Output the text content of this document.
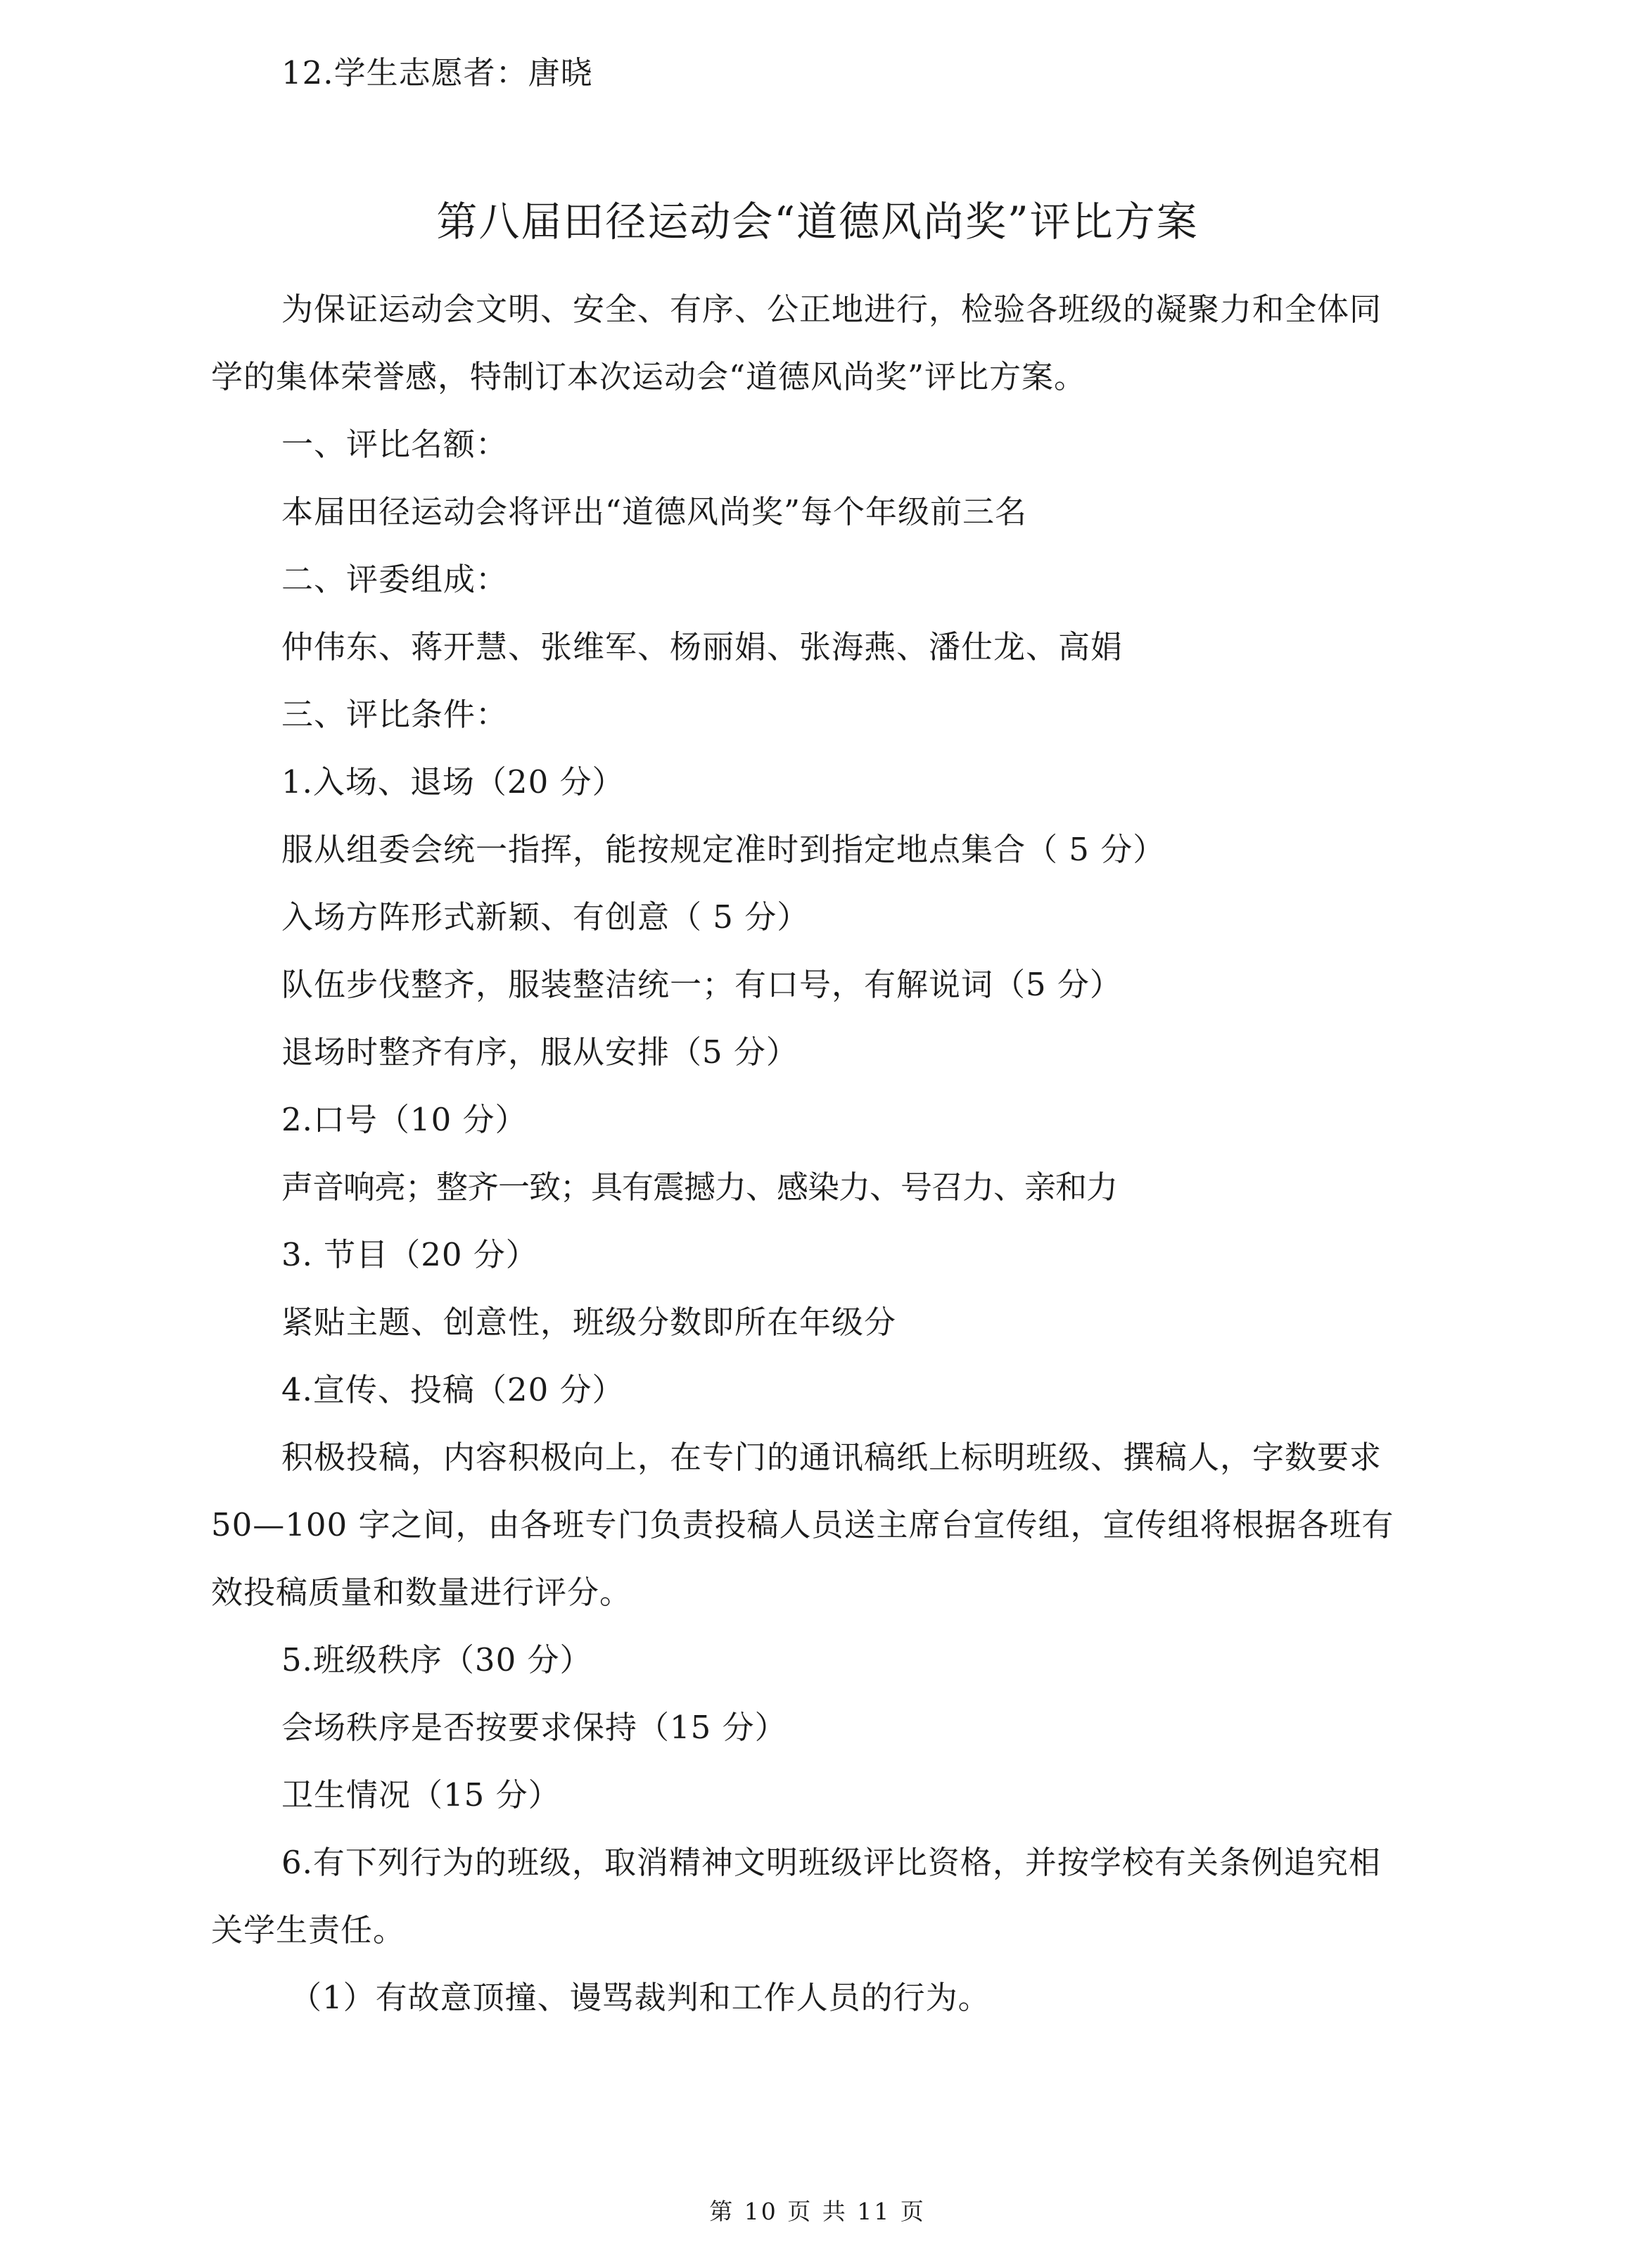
12.学生志愿者：唐晓
第八届田径运动会“道德风尚奖”评比方案
为保证运动会文明、安全、有序、公正地进行，检验各班级的凝聚力和全体同
学的集体荣誉感，特制订本次运动会“道德风尚奖”评比方案。
一、评比名额：
本届田径运动会将评出“道德风尚奖”每个年级前三名
二、评委组成：
仲伟东、蒋开慧、张维军、杨丽娟、张海燕、潘仕龙、高娟
三、评比条件：
1.入场、退场（20 分）
服从组委会统一指挥，能按规定准时到指定地点集合（ 5 分）
入场方阵形式新颖、有创意（ 5 分）
队伍步伐整齐，服装整洁统一；有口号，有解说词（5 分）
退场时整齐有序，服从安排（5 分）
2.口号（10 分）
声音响亮；整齐一致；具有震撼力、感染力、号召力、亲和力
3. 节目（20 分）
紧贴主题、创意性，班级分数即所在年级分
4.宣传、投稿（20 分）
积极投稿，内容积极向上，在专门的通讯稿纸上标明班级、撰稿人，字数要求
50—100 字之间，由各班专门负责投稿人员送主席台宣传组，宣传组将根据各班有
效投稿质量和数量进行评分。
5.班级秩序（30 分）
会场秩序是否按要求保持（15 分）
卫生情况（15 分）
6.有下列行为的班级，取消精神文明班级评比资格，并按学校有关条例追究相
关学生责任。
（1）有故意顶撞、谩骂裁判和工作人员的行为。
第 10 页 共 11 页
